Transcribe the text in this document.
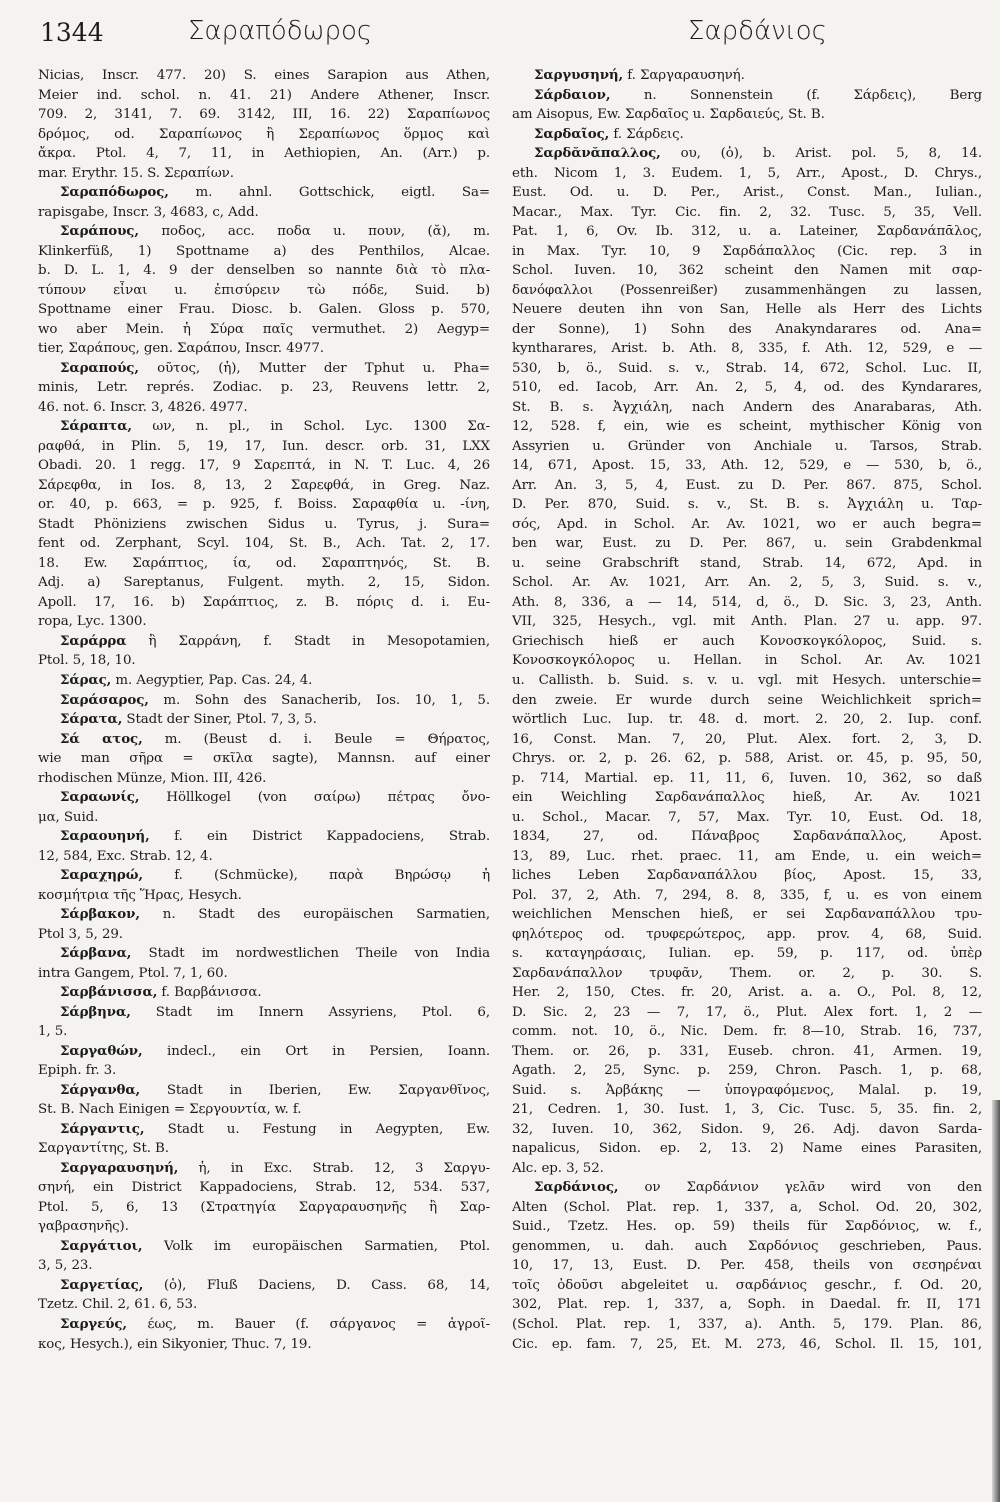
1344	Σαραπόδωρος	Σαρδάνιος
Nicias, Inscr. 477. 20) S. eines Sarapion aus Athen,
Meier ind. schol. n. 41. 21) Andere Athener, Inscr.
709. 2, 3141, 7. 69. 3142, III, 16. 22) Σαραπίωνος
δρόμος, od. Σαραπίωνος ἢ Σεραπίωνος ὅρμος καὶ
ἄκρα. Ptol. 4, 7, 11, in Aethiopien, An. (Arr.) p.
mar. Erythr. 15. S. Σεραπίων.
Σαραπόδωρος, m. ahnl. Gottschick, eigtl. Sa=
rapisgabe, Inscr. 3, 4683, c, Add.
Σαράπους, ποδος, acc. ποδα u. πουν, (ᾰ), m.
Klinkerfüß, 1) Spottname a) des Penthilos, Alcae.
b. D. L. 1, 4. 9 der denselben so nannte διὰ τὸ πλα-
τύπουν εἶναι u. ἐπισύρειν τὼ πόδε, Suid. b)
Spottname einer Frau. Diosc. b. Galen. Gloss p. 570,
wo aber Mein. ἡ Σύρα παῖς vermuthet. 2) Aegyp=
tier, Σαράπους, gen. Σαράπου, Inscr. 4977.
Σαραπούς, οῦτος, (ἡ), Mutter der Tphut u. Pha=
minis, Letr. représ. Zodiac. p. 23, Reuvens lettr. 2,
46. not. 6. Inscr. 3, 4826. 4977.
Σάραπτα, ων, n. pl., in Schol. Lyc. 1300 Σα-
ραφθά, in Plin. 5, 19, 17, Iun. descr. orb. 31, LXX
Obadi. 20. 1 regg. 17, 9 Σαρεπτά, in N. T. Luc. 4, 26
Σάρεφθα, in Ios. 8, 13, 2 Σαρεφθά, in Greg. Naz.
or. 40, p. 663, = p. 925, f. Boiss. Σαραφθία u. -ίνη,
Stadt Phöniziens zwischen Sidus u. Tyrus, j. Sura=
fent od. Zerphant, Scyl. 104, St. B., Ach. Tat. 2, 17.
18. Ew. Σαράπτιος, ία, od. Σαραπτηνός, St. B.
Adj. a) Sareptanus, Fulgent. myth. 2, 15, Sidon.
Apoll. 17, 16. b) Σαράπτιος, z. B. πόρις d. i. Eu-
ropa, Lyc. 1300.
Σαράρρα ἢ Σαρράνη, f. Stadt in Mesopotamien,
Ptol. 5, 18, 10.
Σάρας, m. Aegyptier, Pap. Cas. 24, 4.
Σαράσαρος, m. Sohn des Sanacherib, Ios. 10, 1, 5.
Σάρατα, Stadt der Siner, Ptol. 7, 3, 5.
Σά ατος, m. (Beust d. i. Beule = Θήρατος,
wie man σῆρα = σκῖλα sagte), Mannsn. auf einer
rhodischen Münze, Mion. III, 426.
Σαραωνίς, Höllkogel (von σαίρω) πέτρας ὄνο-
μα, Suid.
Σαραουηνή, f. ein District Kappadociens, Strab.
12, 584, Exc. Strab. 12, 4.
Σαραχηρώ, f. (Schmücke), παρὰ Βηρώσῳ ἡ
κοσμήτρια τῆς Ἥρας, Hesych.
Σάρβακον, n. Stadt des europäischen Sarmatien,
Ptol 3, 5, 29.
Σάρβανα, Stadt im nordwestlichen Theile von India
intra Gangem, Ptol. 7, 1, 60.
Σαρβάνισσα, f. Βαρβάνισσα.
Σάρβηνα, Stadt im Innern Assyriens, Ptol. 6,
1, 5.
Σαργαθών, indecl., ein Ort in Persien, Ioann.
Epiph. fr. 3.
Σάργανθα, Stadt in Iberien, Ew. Σαργανθῖνος,
St. B. Nach Einigen = Σεργουντία, w. f.
Σάργαντις, Stadt u. Festung in Aegypten, Ew.
Σαργαντίτης, St. B.
Σαργαραυσηνή, ἡ, in Exc. Strab. 12, 3 Σαργυ-
σηνή, ein District Kappadociens, Strab. 12, 534. 537,
Ptol. 5, 6, 13 (Στρατηγία Σαργαραυσηνῆς ἢ Σαρ-
γαβρασηνῆς).
Σαργάτιοι, Volk im europäischen Sarmatien, Ptol.
3, 5, 23.
Σαργετίας, (ὁ), Fluß Daciens, D. Cass. 68, 14,
Tzetz. Chil. 2, 61. 6, 53.
Σαργεύς, έως, m. Bauer (f. σάργανος = ἀγροῖ-
κος, Hesych.), ein Sikyonier, Thuc. 7, 19.
Σαργυσηνή, f. Σαργαραυσηνή.
Σάρδαιον, n. Sonnenstein (f. Σάρδεις), Berg
am Aisopus, Ew. Σαρδαῖος u. Σαρδαιεύς, St. B.
Σαρδαῖος, f. Σάρδεις.
Σαρδᾰνᾰπαλλος, ου, (ὁ), b. Arist. pol. 5, 8, 14.
eth. Nicom 1, 3. Eudem. 1, 5, Arr., Apost., D. Chrys.,
Eust. Od. u. D. Per., Arist., Const. Man., Iulian.,
Macar., Max. Tyr. Cic. fin. 2, 32. Tusc. 5, 35, Vell.
Pat. 1, 6, Ov. Ib. 312, u. a. Lateiner, Σαρδανάπᾱλος,
in Max. Tyr. 10, 9 Σαρδάπαλλος (Cic. rep. 3 in
Schol. Iuven. 10, 362 scheint den Namen mit σαρ-
δανόφαλλοι (Possenreißer) zusammenhängen zu lassen,
Neuere deuten ihn von San, Helle als Herr des Lichts
der Sonne), 1) Sohn des Anakyndarares od. Ana=
kyntharares, Arist. b. Ath. 8, 335, f. Ath. 12, 529, e —
530, b, ö., Suid. s. v., Strab. 14, 672, Schol. Luc. II,
510, ed. Iacob, Arr. An. 2, 5, 4, od. des Kyndarares,
St. B. s. Ἀγχιάλη, nach Andern des Anarabaras, Ath.
12, 528. f, ein, wie es scheint, mythischer König von
Assyrien u. Gründer von Anchiale u. Tarsos, Strab.
14, 671, Apost. 15, 33, Ath. 12, 529, e — 530, b, ö.,
Arr. An. 3, 5, 4, Eust. zu D. Per. 867. 875, Schol.
D. Per. 870, Suid. s. v., St. B. s. Ἀγχιάλη u. Ταρ-
σός, Apd. in Schol. Ar. Av. 1021, wo er auch begra=
ben war, Eust. zu D. Per. 867, u. sein Grabdenkmal
u. seine Grabschrift stand, Strab. 14, 672, Apd. in
Schol. Ar. Av. 1021, Arr. An. 2, 5, 3, Suid. s. v.,
Ath. 8, 336, a — 14, 514, d, ö., D. Sic. 3, 23, Anth.
VII, 325, Hesych., vgl. mit Anth. Plan. 27 u. app. 97.
Griechisch hieß er auch Κονοσκογκόλορος, Suid. s.
Κονοσκογκόλορος u. Hellan. in Schol. Ar. Av. 1021
u. Callisth. b. Suid. s. v. u. vgl. mit Hesych. unterschie=
den zweie. Er wurde durch seine Weichlichkeit sprich=
wörtlich Luc. Iup. tr. 48. d. mort. 2. 20, 2. Iup. conf.
16, Const. Man. 7, 20, Plut. Alex. fort. 2, 3, D.
Chrys. or. 2, p. 26. 62, p. 588, Arist. or. 45, p. 95, 50,
p. 714, Martial. ep. 11, 11, 6, Iuven. 10, 362, so daß
ein Weichling Σαρδανάπαλλος hieß, Ar. Av. 1021
u. Schol., Macar. 7, 57, Max. Tyr. 10, Eust. Od. 18,
1834, 27, od. Πάναβρος Σαρδανάπαλλος, Apost.
13, 89, Luc. rhet. praec. 11, am Ende, u. ein weich=
liches Leben Σαρδαναπάλλου βίος, Apost. 15, 33,
Pol. 37, 2, Ath. 7, 294, 8. 8, 335, f, u. es von einem
weichlichen Menschen hieß, er sei Σαρδαναπάλλου τρυ-
φηλότερος od. τρυφερώτερος, app. prov. 4, 68, Suid.
s. καταγηράσαις, Iulian. ep. 59, p. 117, od. ὑπὲρ
Σαρδανάπαλλον τρυφᾶν, Them. or. 2, p. 30. S.
Her. 2, 150, Ctes. fr. 20, Arist. a. a. O., Pol. 8, 12,
D. Sic. 2, 23 — 7, 17, ö., Plut. Alex fort. 1, 2 —
comm. not. 10, ö., Nic. Dem. fr. 8—10, Strab. 16, 737,
Them. or. 26, p. 331, Euseb. chron. 41, Armen. 19,
Agath. 2, 25, Sync. p. 259, Chron. Pasch. 1, p. 68,
Suid. s. Ἀρβάκης — ὑπογραφόμενος, Malal. p. 19,
21, Cedren. 1, 30. Iust. 1, 3, Cic. Tusc. 5, 35. fin. 2,
32, Iuven. 10, 362, Sidon. 9, 26. Adj. davon Sarda-
napalicus, Sidon. ep. 2, 13. 2) Name eines Parasiten,
Alc. ep. 3, 52.
Σαρδάνιος, ον Σαρδάνιον γελᾶν wird von den
Alten (Schol. Plat. rep. 1, 337, a, Schol. Od. 20, 302,
Suid., Tzetz. Hes. op. 59) theils für Σαρδόνιος, w. f.,
genommen, u. dah. auch Σαρδόνιος geschrieben, Paus.
10, 17, 13, Eust. D. Per. 458, theils von σεσηρέναι
τοῖς ὀδοῦσι abgeleitet u. σαρδάνιος geschr., f. Od. 20,
302, Plat. rep. 1, 337, a, Soph. in Daedal. fr. II, 171
(Schol. Plat. rep. 1, 337, a). Anth. 5, 179. Plan. 86,
Cic. ep. fam. 7, 25, Et. M. 273, 46, Schol. Il. 15, 101,
